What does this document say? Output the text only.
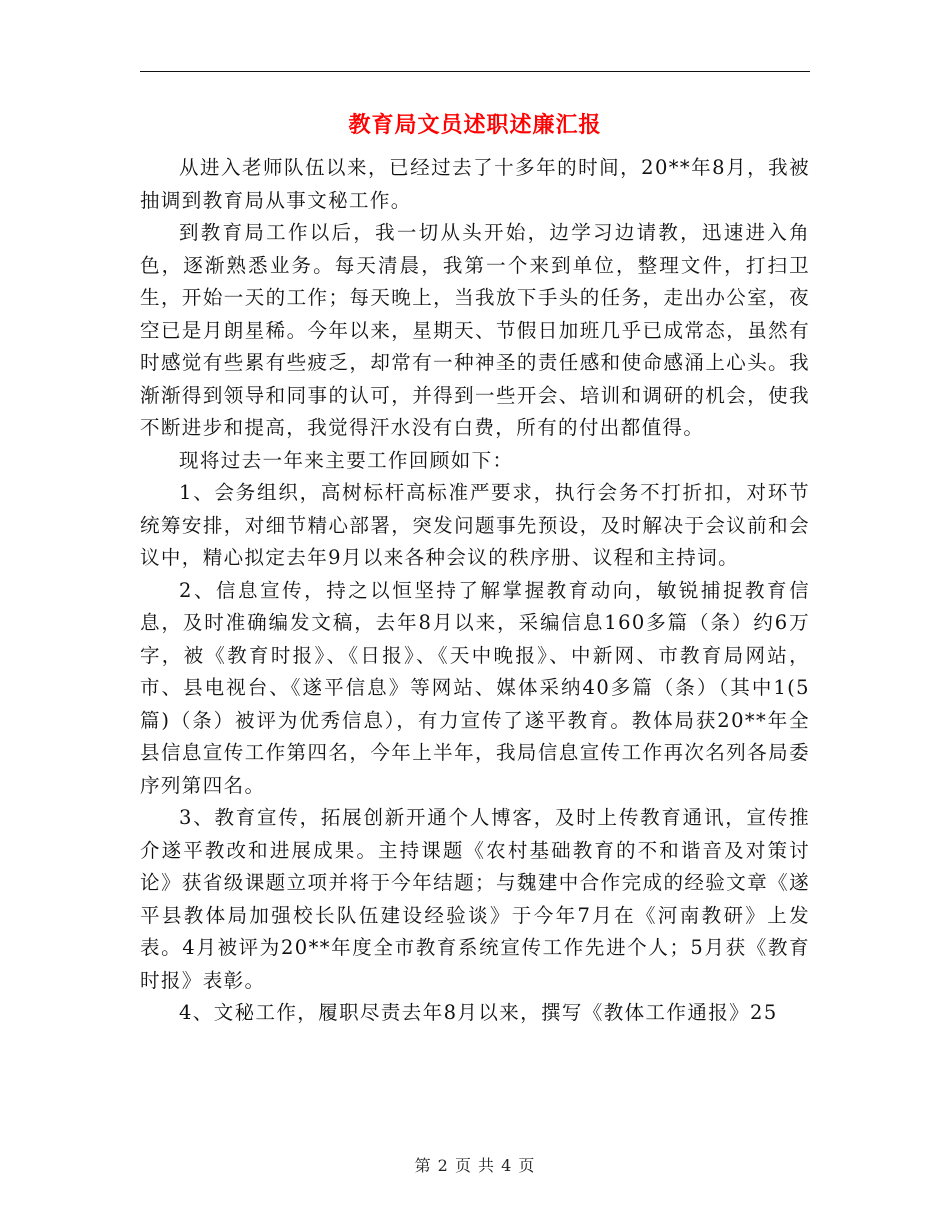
教育局文员述职述廉汇报

从进入老师队伍以来，已经过去了十多年的时间，20**年8月，我被抽调到教育局从事文秘工作。

到教育局工作以后，我一切从头开始，边学习边请教，迅速进入角色，逐渐熟悉业务。每天清晨，我第一个来到单位，整理文件，打扫卫生，开始一天的工作；每天晚上，当我放下手头的任务，走出办公室，夜空已是月朗星稀。今年以来，星期天、节假日加班几乎已成常态，虽然有时感觉有些累有些疲乏，却常有一种神圣的责任感和使命感涌上心头。我渐渐得到领导和同事的认可，并得到一些开会、培训和调研的机会，使我不断进步和提高，我觉得汗水没有白费，所有的付出都值得。

现将过去一年来主要工作回顾如下：

1、会务组织，高树标杆高标准严要求，执行会务不打折扣，对环节统筹安排，对细节精心部署，突发问题事先预设，及时解决于会议前和会议中，精心拟定去年9月以来各种会议的秩序册、议程和主持词。

2、信息宣传，持之以恒坚持了解掌握教育动向，敏锐捕捉教育信息，及时准确编发文稿，去年8月以来，采编信息160多篇（条）约6万字，被《教育时报》、《日报》、《天中晚报》、中新网、市教育局网站，市、县电视台、《遂平信息》等网站、媒体采纳40多篇（条）（其中1(5篇)（条）被评为优秀信息），有力宣传了遂平教育。教体局获20**年全县信息宣传工作第四名，今年上半年，我局信息宣传工作再次名列各局委序列第四名。

3、教育宣传，拓展创新开通个人博客，及时上传教育通讯，宣传推介遂平教改和进展成果。主持课题《农村基础教育的不和谐音及对策讨论》获省级课题立项并将于今年结题；与魏建中合作完成的经验文章《遂平县教体局加强校长队伍建设经验谈》于今年7月在《河南教研》上发表。4月被评为20**年度全市教育系统宣传工作先进个人；5月获《教育时报》表彰。

4、文秘工作，履职尽责去年8月以来，撰写《教体工作通报》25

第 2 页 共 4 页
